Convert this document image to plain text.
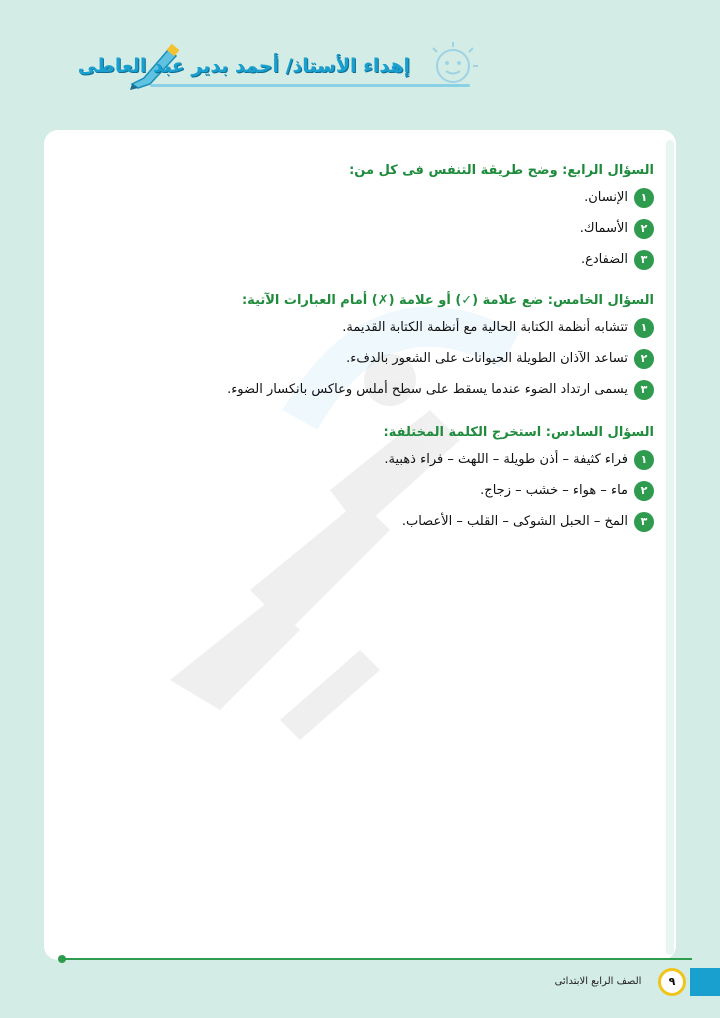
إهداء الأستاذ/ أحمد بدير عبد العاطى
السؤال الرابع: وضح طريقة التنفس فى كل من:
١
الإنسان.
٢
الأسماك.
٣
الضفادع.
السؤال الخامس: ضع علامة (✓) أو علامة (✗) أمام العبارات الآتية:
١
تتشابه أنظمة الكتابة الحالية مع أنظمة الكتابة القديمة.
٢
تساعد الآذان الطويلة الحيوانات على الشعور بالدفء.
٣
يسمى ارتداد الضوء عندما يسقط على سطح أملس وعاكس بانكسار الضوء.
السؤال السادس: استخرج الكلمة المختلفة:
١
فراء كثيفة – أذن طويلة – اللهث – فراء ذهبية.
٢
ماء – هواء – خشب – زجاج.
٣
المخ – الحبل الشوكى – القلب – الأعصاب.
الصف الرابع الابتدائى	٩
